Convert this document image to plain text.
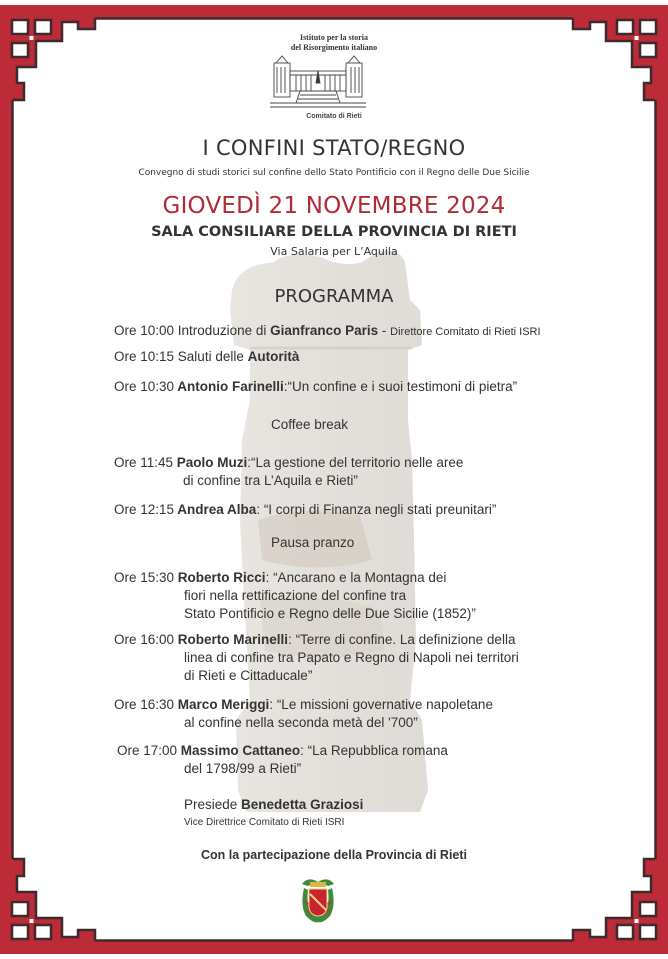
Istituto per la storia
del Risorgimento italiano
Comitato di Rieti
I CONFINI STATO/REGNO
Convegno di studi storici sul confine dello Stato Pontificio con il Regno delle Due Sicilie
GIOVEDÌ 21 NOVEMBRE 2024
SALA CONSILIARE DELLA PROVINCIA DI RIETI
Via Salaria per L’Aquila
PROGRAMMA
Ore 10:00 Introduzione di Gianfranco Paris - Direttore Comitato di Rieti ISRI
Ore 10:15 Saluti delle Autorità
Ore 10:30 Antonio Farinelli:“Un confine e i suoi testimoni di pietra”
Coffee break
Ore 11:45 Paolo Muzi:“La gestione del territorio nelle aree
di confine tra L’Aquila e Rieti”
Ore 12:15 Andrea Alba: “I corpi di Finanza negli stati preunitari”
Pausa pranzo
Ore 15:30 Roberto Ricci: “Ancarano e la Montagna dei
fiori nella rettificazione del confine tra
Stato Pontificio e Regno delle Due Sicilie (1852)”
Ore 16:00 Roberto Marinelli: “Terre di confine. La definizione della
linea di confine tra Papato e Regno di Napoli nei territori
di Rieti e Cittaducale”
Ore 16:30 Marco Meriggi: “Le missioni governative napoletane
al confine nella seconda metà del '700”
Ore 17:00 Massimo Cattaneo: “La Repubblica romana
del 1798/99 a Rieti”
Presiede Benedetta Graziosi
Vice Direttrice Comitato di Rieti ISRI
Con la partecipazione della Provincia di Rieti
